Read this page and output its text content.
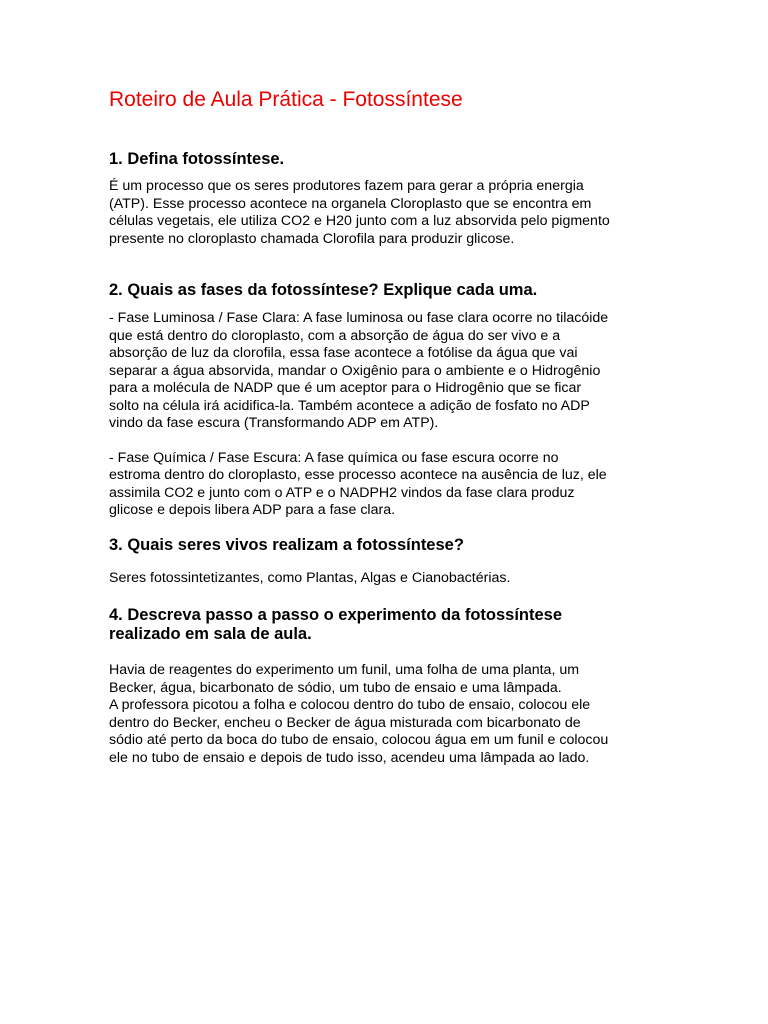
Roteiro de Aula Prática - Fotossíntese
1. Defina fotossíntese.

É um processo que os seres produtores fazem para gerar a própria energia
(ATP). Esse processo acontece na organela Cloroplasto que se encontra em
células vegetais, ele utiliza CO2 e H20 junto com a luz absorvida pelo pigmento
presente no cloroplasto chamada Clorofila para produzir glicose.

2. Quais as fases da fotossíntese? Explique cada uma.

- Fase Luminosa / Fase Clara: A fase luminosa ou fase clara ocorre no tilacóide
que está dentro do cloroplasto, com a absorção de água do ser vivo e a
absorção de luz da clorofila, essa fase acontece a fotólise da água que vai
separar a água absorvida, mandar o Oxigênio para o ambiente e o Hidrogênio
para a molécula de NADP que é um aceptor para o Hidrogênio que se ficar
solto na célula irá acidifica-la. Também acontece a adição de fosfato no ADP
vindo da fase escura (Transformando ADP em ATP).

- Fase Química / Fase Escura: A fase química ou fase escura ocorre no
estroma dentro do cloroplasto, esse processo acontece na ausência de luz, ele
assimila CO2 e junto com o ATP e o NADPH2 vindos da fase clara produz
glicose e depois libera ADP para a fase clara.

3. Quais seres vivos realizam a fotossíntese?

Seres fotossintetizantes, como Plantas, Algas e Cianobactérias.

4. Descreva passo a passo o experimento da fotossíntese
realizado em sala de aula.

Havia de reagentes do experimento um funil, uma folha de uma planta, um
Becker, água, bicarbonato de sódio, um tubo de ensaio e uma lâmpada.
A professora picotou a folha e colocou dentro do tubo de ensaio, colocou ele
dentro do Becker, encheu o Becker de água misturada com bicarbonato de
sódio até perto da boca do tubo de ensaio, colocou água em um funil e colocou
ele no tubo de ensaio e depois de tudo isso, acendeu uma lâmpada ao lado.
